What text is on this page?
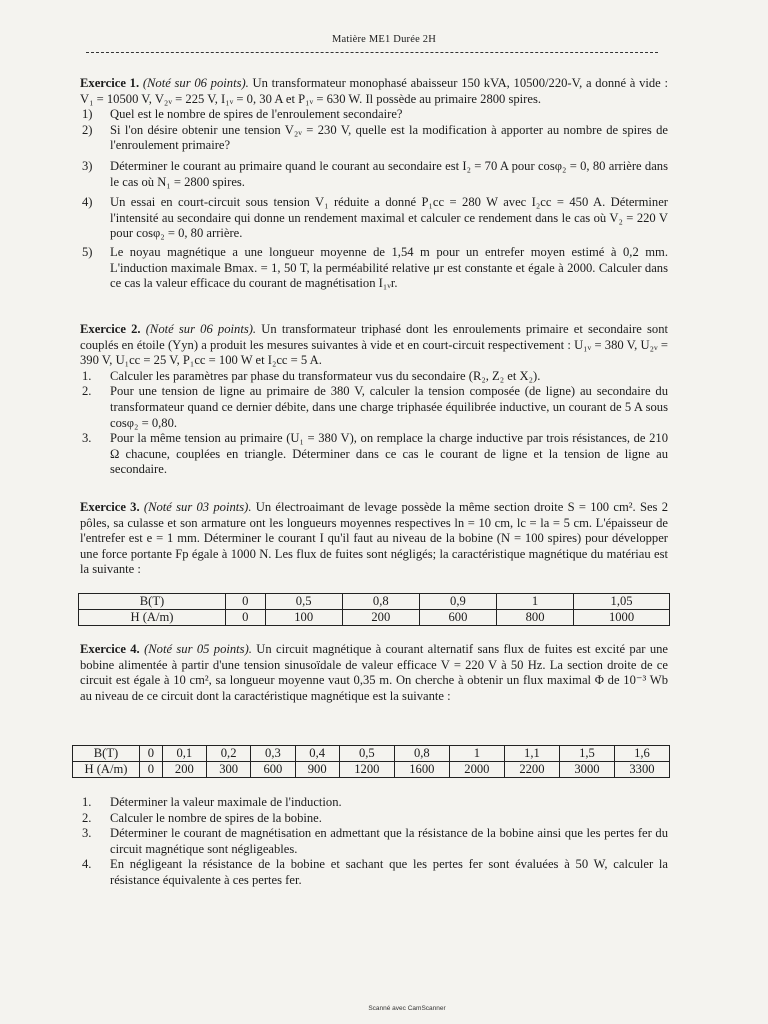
Matière ME1 Durée 2H
Exercice 1. (Noté sur 06 points). Un transformateur monophasé abaisseur 150 kVA, 10500/220-V, a donné à vide : V₁ = 10500 V, V₂ᵥ = 225 V, I₁ᵥ = 0, 30 A et P₁ᵥ = 630 W. Il possède au primaire 2800 spires.
1)	Quel est le nombre de spires de l'enroulement secondaire?
2)	Si l'on désire obtenir une tension V₂ᵥ = 230 V, quelle est la modification à apporter au nombre de spires de l'enroulement primaire?
3)	Déterminer le courant au primaire quand le courant au secondaire est I₂ = 70 A pour cosφ₂ = 0, 80 arrière dans le cas où N₁ = 2800 spires.
4)	Un essai en court-circuit sous tension V₁ réduite a donné P₁cc = 280 W avec I₂cc = 450 A. Déterminer l'intensité au secondaire qui donne un rendement maximal et calculer ce rendement dans le cas où V₂ = 220 V pour cosφ₂ = 0, 80 arrière.
5)	Le noyau magnétique a une longueur moyenne de 1,54 m pour un entrefer moyen estimé à 0,2 mm. L'induction maximale Bmax. = 1, 50 T, la perméabilité relative μr est constante et égale à 2000. Calculer dans ce cas la valeur efficace du courant de magnétisation I₁ᵥr.
Exercice 2. (Noté sur 06 points). Un transformateur triphasé dont les enroulements primaire et secondaire sont couplés en étoile (Yyn) a produit les mesures suivantes à vide et en court-circuit respectivement : U₁ᵥ = 380 V, U₂ᵥ = 390 V, U₁cc = 25 V, P₁cc = 100 W et I₂cc = 5 A.
1.	Calculer les paramètres par phase du transformateur vus du secondaire (R₂, Z₂ et X₂).
2.	Pour une tension de ligne au primaire de 380 V, calculer la tension composée (de ligne) au secondaire du transformateur quand ce dernier débite, dans une charge triphasée équilibrée inductive, un courant de 5 A sous cosφ₂ = 0,80.
3.	Pour la même tension au primaire (U₁ = 380 V), on remplace la charge inductive par trois résistances, de 210 Ω chacune, couplées en triangle. Déterminer dans ce cas le courant de ligne et la tension de ligne au secondaire.
Exercice 3. (Noté sur 03 points). Un électroaimant de levage possède la même section droite S = 100 cm². Ses 2 pôles, sa culasse et son armature ont les longueurs moyennes respectives ln = 10 cm, lc = la = 5 cm. L'épaisseur de l'entrefer est e = 1 mm. Déterminer le courant I qu'il faut au niveau de la bobine (N = 100 spires) pour développer une force portante Fp égale à 1000 N. Les flux de fuites sont négligés; la caractéristique magnétique du matériau est la suivante :
B(T)	0	0,5	0,8	0,9	1	1,05
H (A/m)	0	100	200	600	800	1000
Exercice 4. (Noté sur 05 points). Un circuit magnétique à courant alternatif sans flux de fuites est excité par une bobine alimentée à partir d'une tension sinusoïdale de valeur efficace V = 220 V à 50 Hz. La section droite de ce circuit est égale à 10 cm², sa longueur moyenne vaut 0,35 m. On cherche à obtenir un flux maximal Φ de 10⁻³ Wb au niveau de ce circuit dont la caractéristique magnétique est la suivante :
B(T)	0	0,1	0,2	0,3	0,4	0,5	0,8	1	1,1	1,5	1,6
H (A/m)	0	200	300	600	900	1200	1600	2000	2200	3000	3300
1.	Déterminer la valeur maximale de l'induction.
2.	Calculer le nombre de spires de la bobine.
3.	Déterminer le courant de magnétisation en admettant que la résistance de la bobine ainsi que les pertes fer du circuit magnétique sont négligeables.
4.	En négligeant la résistance de la bobine et sachant que les pertes fer sont évaluées à 50 W, calculer la résistance équivalente à ces pertes fer.
Scanné avec CamScanner
